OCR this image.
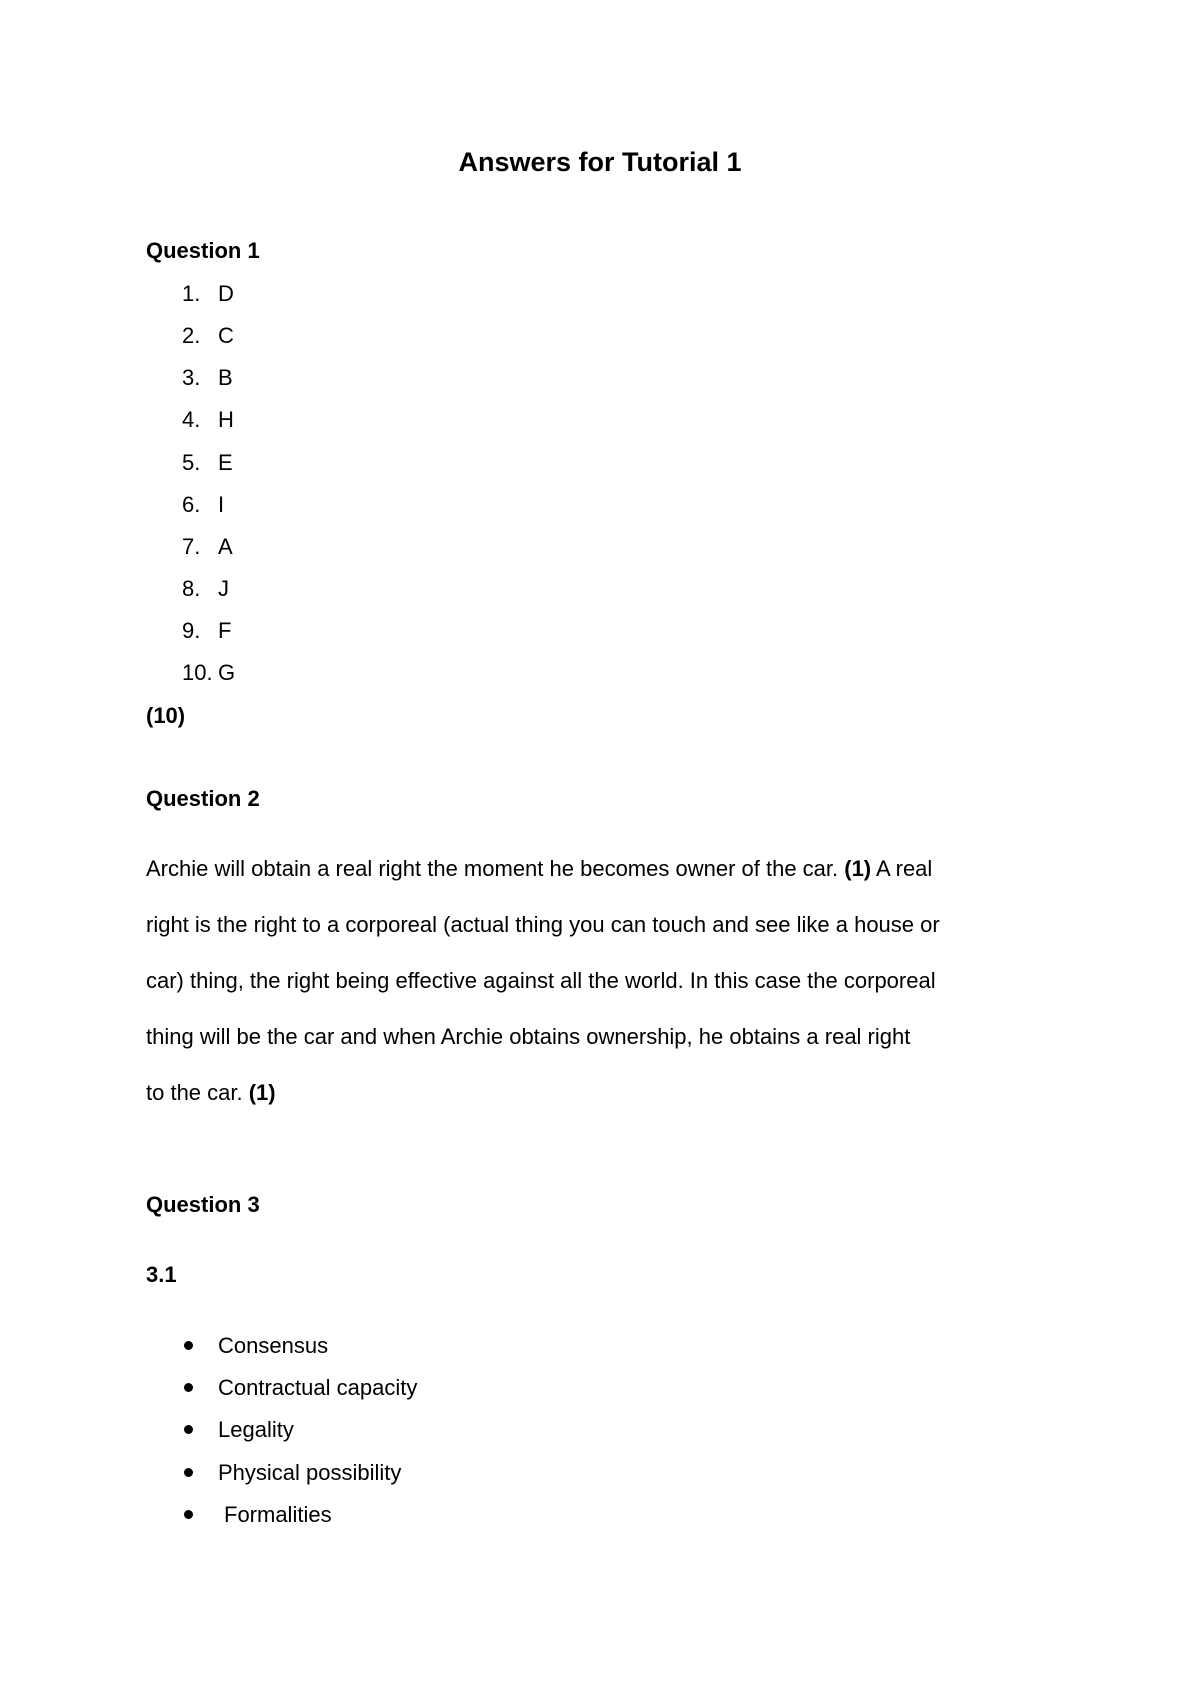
Answers for Tutorial 1
Question 1
1. D
2. C
3. B
4. H
5. E
6. I
7. A
8. J
9. F
10. G
(10)
Question 2
Archie will obtain a real right the moment he becomes owner of the car. (1) A real
right is the right to a corporeal (actual thing you can touch and see like a house or
car) thing, the right being effective against all the world. In this case the corporeal
thing will be the car and when Archie obtains ownership, he obtains a real right
to the car. (1)
Question 3
3.1
Consensus
Contractual capacity
Legality
Physical possibility
Formalities
